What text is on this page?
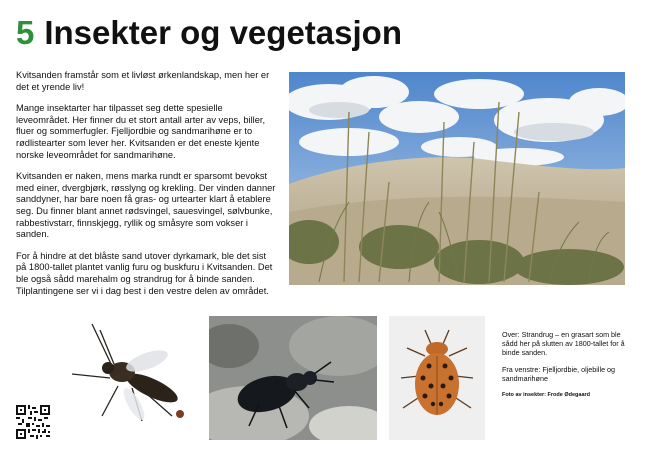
5 Insekter og vegetasjon

Kvitsanden framstår som et livløst ørkenlandskap, men her er det et yrende liv!

Mange insektarter har tilpasset seg dette spesielle leveområdet. Her finner du et stort antall arter av veps, biller, fluer og sommerfugler. Fjelljordbie og sandmarihøne er to rødlistearter som lever her. Kvitsanden er det eneste kjente norske leveområdet for sandmarihøne.

Kvitsanden er naken, mens marka rundt er sparsomt bevokst med einer, dvergbjørk, røsslyng og krekling. Der vinden danner sanddyner, har bare noen få gras- og urtearter klart å etablere seg. Du finner blant annet rødsvingel, sauesvingel, sølvbunke, rabbestivstarr, finnskjegg, ryllik og småsyre som vokser i sanden.

For å hindre at det blåste sand utover dyrkamark, ble det sist på 1800-tallet plantet vanlig furu og buskfuru i Kvitsanden. Det ble også sådd marehalm og strandrug for å binde sanden. Tilplantingene ser vi i dag best i den vestre delen av området.

Over: Strandrug – en grasart som ble sådd her på slutten av 1800-tallet for å binde sanden.

Fra venstre: Fjelljordbie, oljebille og sandmarihøne

Foto av insekter: Frode Ødegaard
